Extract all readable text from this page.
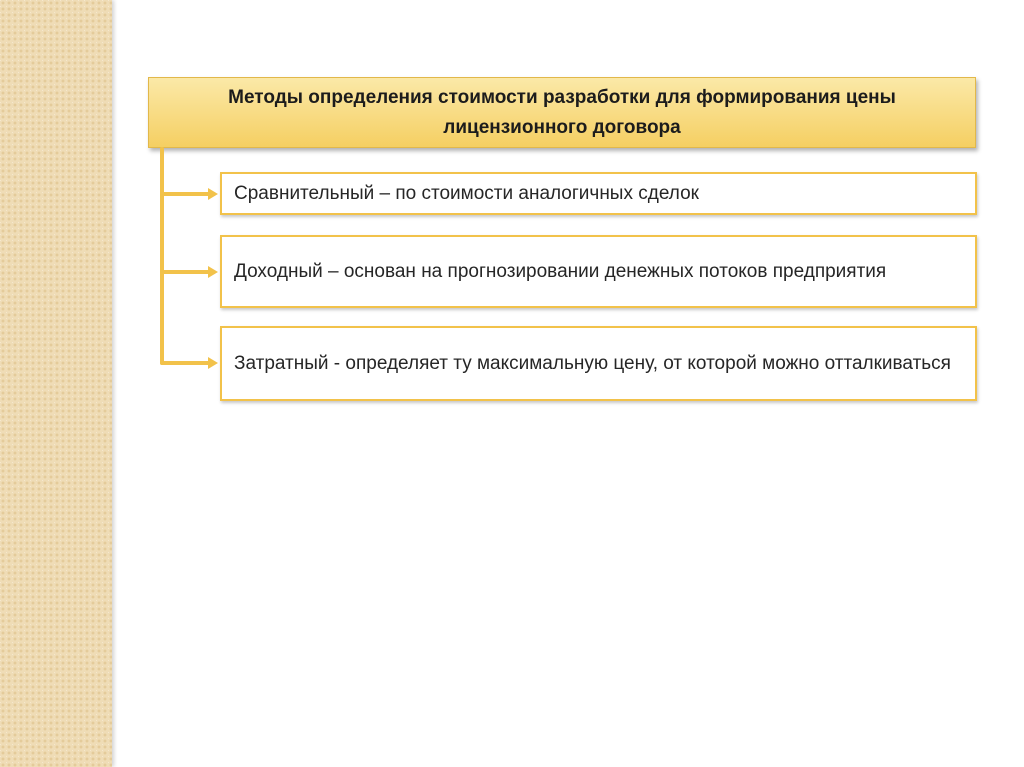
Методы определения стоимости разработки для формирования цены лицензионного договора
Сравнительный – по стоимости аналогичных сделок
Доходный – основан на прогнозировании денежных потоков предприятия
Затратный - определяет ту максимальную цену, от которой можно отталкиваться
